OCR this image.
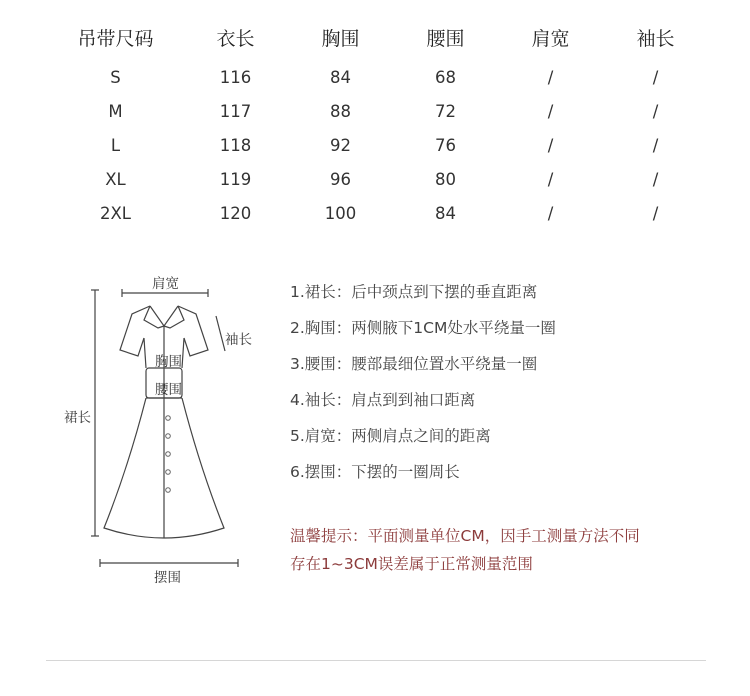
吊带尺码	衣长	胸围	腰围	肩宽	袖长
S	116	84	68	/	/
M	117	88	72	/	/
L	118	92	76	/	/
XL	119	96	80	/	/
2XL	120	100	84	/	/
肩宽
袖长
胸围
腰围
裙长
摆围
1.裙长：后中颈点到下摆的垂直距离
2.胸围：两侧腋下1CM处水平绕量一圈
3.腰围：腰部最细位置水平绕量一圈
4.袖长：肩点到到袖口距离
5.肩宽：两侧肩点之间的距离
6.摆围：下摆的一圈周长
温馨提示：平面测量单位CM，因手工测量方法不同
存在1~3CM误差属于正常测量范围
